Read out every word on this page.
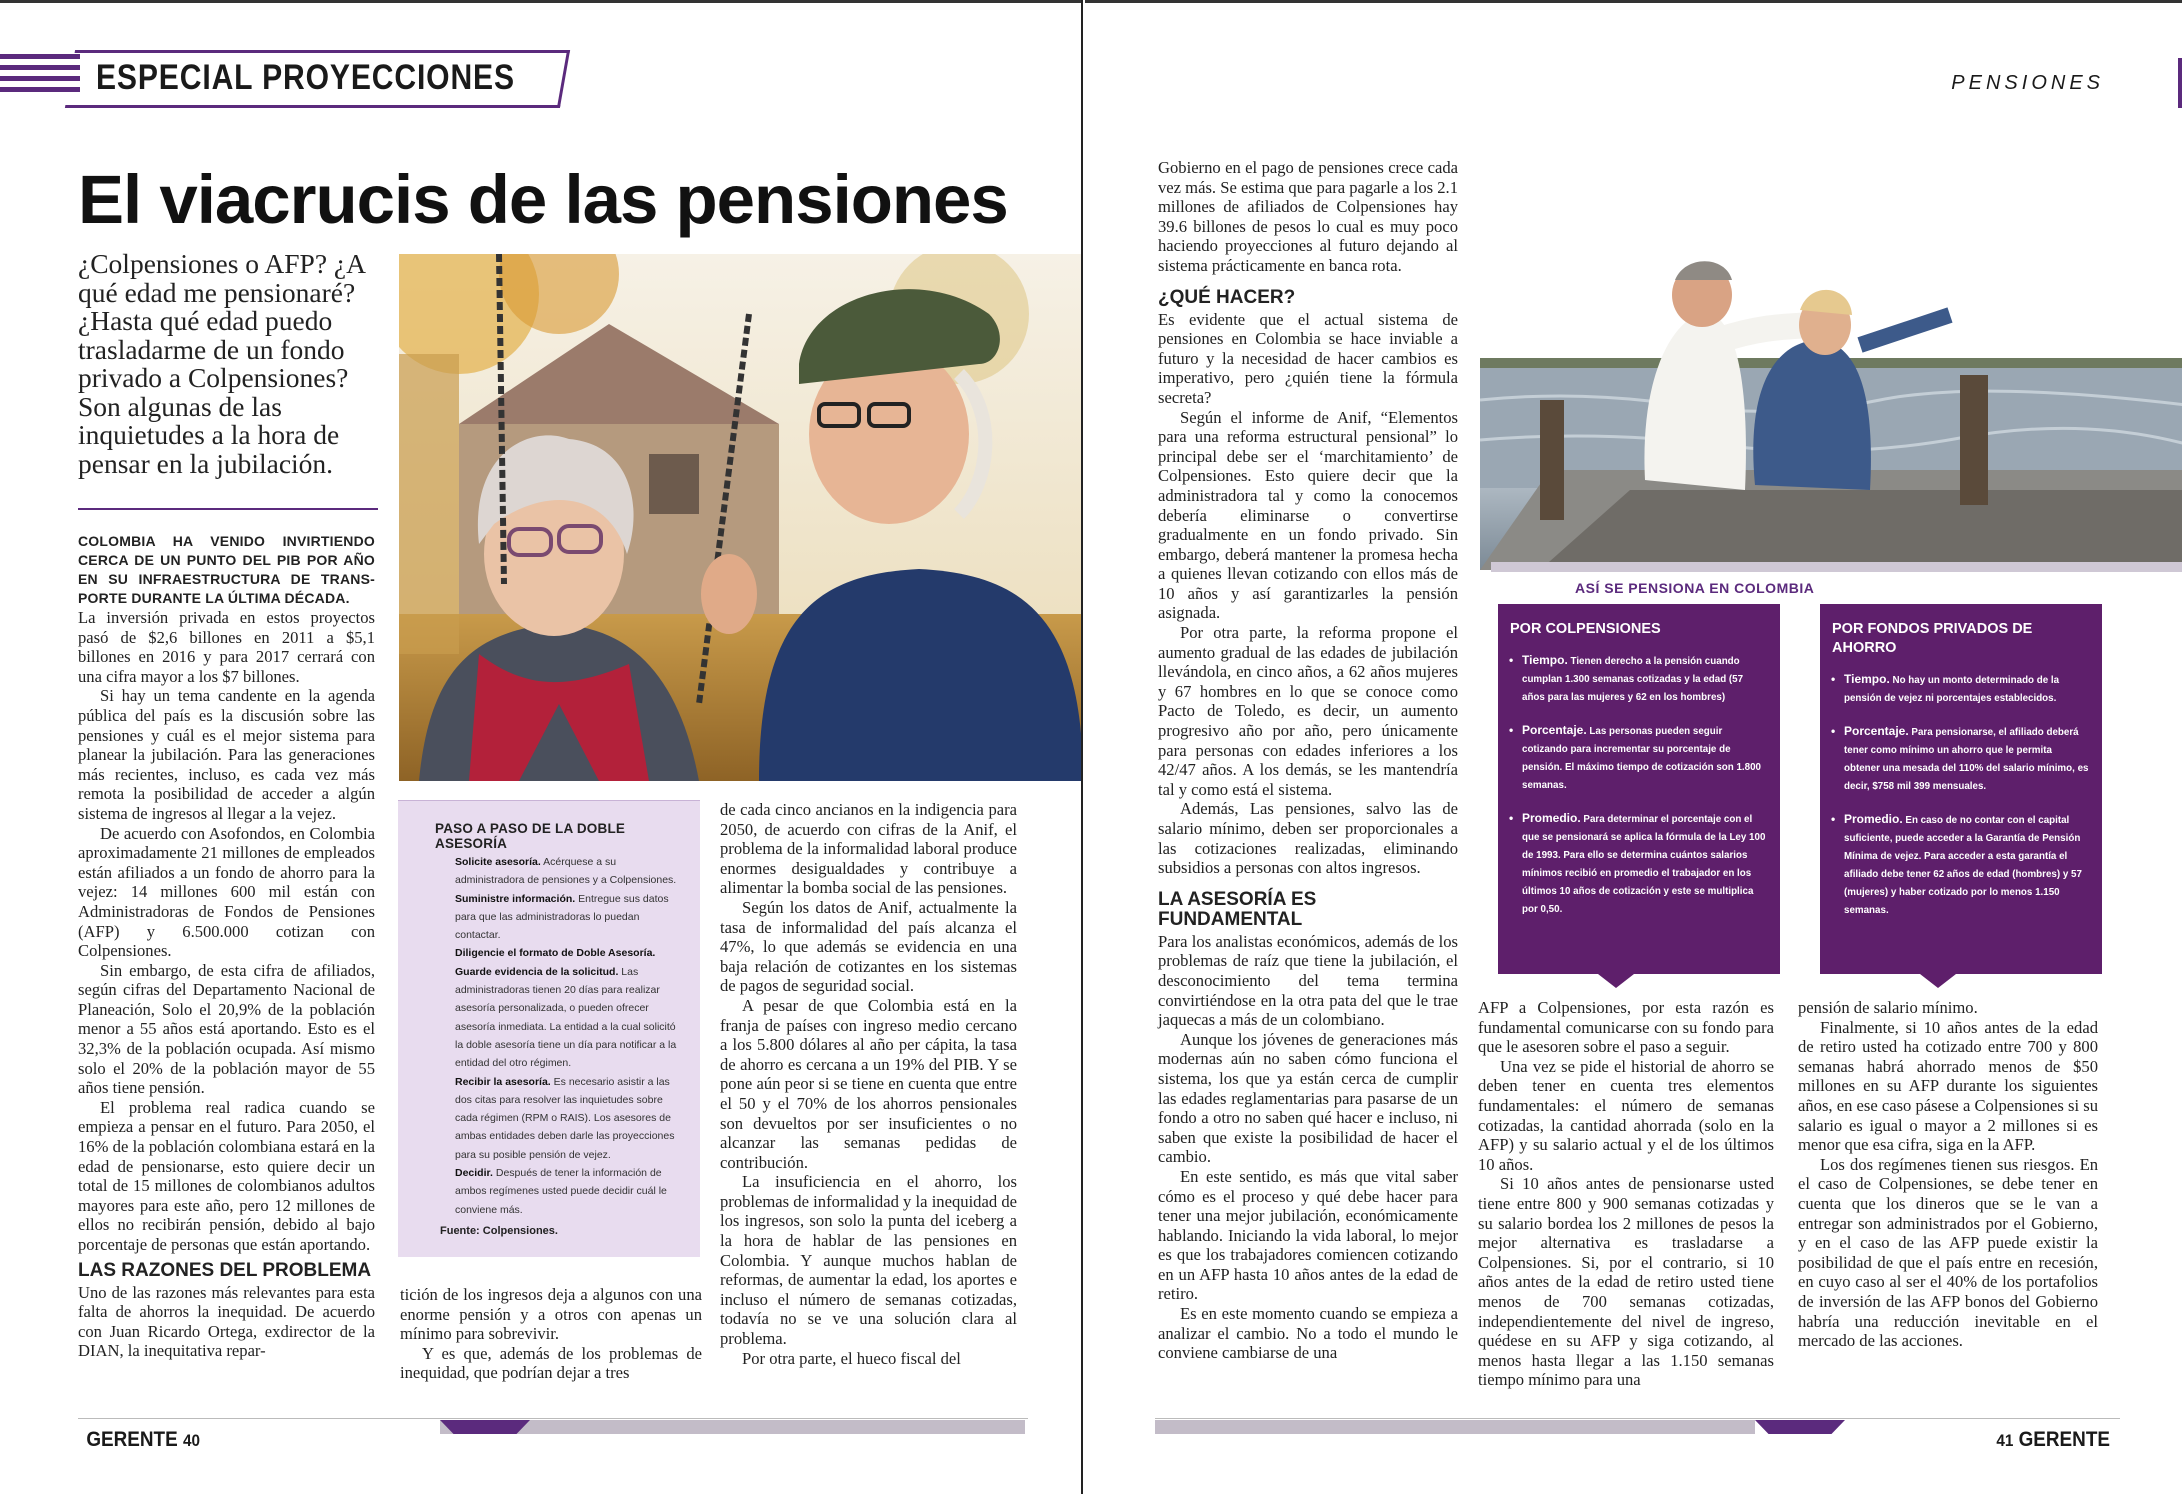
ESPECIAL PROYECCIONES
El viacrucis de las pensiones
¿Colpensiones o AFP? ¿A qué edad me pensionaré? ¿Hasta qué edad puedo trasladarme de un fondo privado a Colpensiones? Son algunas de las inquietudes a la hora de pensar en la jubilación.

COLOMBIA HA VENIDO INVIRTIENDO CERCA DE UN PUNTO DEL PIB POR AÑO EN SU INFRAESTRUCTURA DE TRANS-PORTE DURANTE LA ÚLTIMA DÉCADA.

La inversión privada en estos proyectos pasó de $2,6 billones en 2011 a $5,1 billones en 2016 y para 2017 cerrará con una cifra mayor a los $7 billones.

Si hay un tema candente en la agenda pública del país es la discusión sobre las pensiones y cuál es el mejor sistema para planear la jubilación. Para las generaciones más recientes, incluso, es cada vez más remota la posibilidad de acceder a algún sistema de ingresos al llegar a la vejez.

De acuerdo con Asofondos, en Colombia aproximadamente 21 millones de empleados están afiliados a un fondo de ahorro para la vejez: 14 millones 600 mil están con Administradoras de Fondos de Pensiones (AFP) y 6.500.000 cotizan con Colpensiones.

Sin embargo, de esta cifra de afiliados, según cifras del Departamento Nacional de Planeación, Solo el 20,9% de la población menor a 55 años está aportando. Esto es el 32,3% de la población ocupada. Así mismo solo el 20% de la población mayor de 55 años tiene pensión.

El problema real radica cuando se empieza a pensar en el futuro. Para 2050, el 16% de la población colombiana estará en la edad de pensionarse, esto quiere decir un total de 15 millones de colombianos adultos mayores para este año, pero 12 millones de ellos no recibirán pensión, debido al bajo porcentaje de personas que están aportando.

LAS RAZONES DEL PROBLEMA

Uno de las razones más relevantes para esta falta de ahorros la inequidad. De acuerdo con Juan Ricardo Ortega, exdirector de la DIAN, la inequitativa repar-

PASO A PASO DE LA DOBLE ASESORÍA
Solicite asesoría. Acérquese a su administradora de pensiones y a Colpensiones.
Suministre información. Entregue sus datos para que las administradoras lo puedan contactar.
Diligencie el formato de Doble Asesoría. Guarde evidencia de la solicitud. Las administradoras tienen 20 días para realizar asesoría personalizada, o pueden ofrecer asesoría inmediata. La entidad a la cual solicitó la doble asesoría tiene un día para notificar a la entidad del otro régimen.
Recibir la asesoría. Es necesario asistir a las dos citas para resolver las inquietudes sobre cada régimen (RPM o RAIS). Los asesores de ambas entidades deben darle las proyecciones para su posible pensión de vejez.
Decidir. Después de tener la información de ambos regímenes usted puede decidir cuál le conviene más.
Fuente: Colpensiones.

tición de los ingresos deja a algunos con una enorme pensión y a otros con apenas un mínimo para sobrevivir.

Y es que, además de los problemas de inequidad, que podrían dejar a tres

de cada cinco ancianos en la indigencia para 2050, de acuerdo con cifras de la Anif, el problema de la informalidad laboral produce enormes desigualdades y contribuye a alimentar la bomba social de las pensiones.

Según los datos de Anif, actualmente la tasa de informalidad del país alcanza el 47%, lo que además se evidencia en una baja relación de cotizantes en los sistemas de pagos de seguridad social.

A pesar de que Colombia está en la franja de países con ingreso medio cercano a los 5.800 dólares al año per cápita, la tasa de ahorro es cercana a un 19% del PIB. Y se pone aún peor si se tiene en cuenta que entre el 50 y el 70% de los ahorros pensionales son devueltos por ser insuficientes o no alcanzar las semanas pedidas de contribución.

La insuficiencia en el ahorro, los problemas de informalidad y la inequidad de los ingresos, son solo la punta del iceberg a la hora de hablar de las pensiones en Colombia. Y aunque muchos hablan de reformas, de aumentar la edad, los aportes e incluso el número de semanas cotizadas, todavía no se ve una solución clara al problema.

Por otra parte, el hueco fiscal del

GERENTE 40
PENSIONES

Gobierno en el pago de pensiones crece cada vez más. Se estima que para pagarle a los 2.1 millones de afiliados de Colpensiones hay 39.6 billones de pesos lo cual es muy poco haciendo proyecciones al futuro dejando al sistema prácticamente en banca rota.

¿QUÉ HACER?

Es evidente que el actual sistema de pensiones en Colombia se hace inviable a futuro y la necesidad de hacer cambios es imperativo, pero ¿quién tiene la fórmula secreta?

Según el informe de Anif, “Elementos para una reforma estructural pensional” lo principal debe ser el ‘marchitamiento’ de Colpensiones. Esto quiere decir que la administradora tal y como la conocemos debería eliminarse o convertirse gradualmente en un fondo privado. Sin embargo, deberá mantener la promesa hecha a quienes llevan cotizando con ellos más de 10 años y así garantizarles la pensión asignada.

Por otra parte, la reforma propone el aumento gradual de las edades de jubilación llevándola, en cinco años, a 62 años mujeres y 67 hombres en lo que se conoce como Pacto de Toledo, es decir, un aumento progresivo año por año, pero únicamente para personas con edades inferiores a los 42/47 años. A los demás, se les mantendría tal y como está el sistema.

Además, Las pensiones, salvo las de salario mínimo, deben ser proporcionales a las cotizaciones realizadas, eliminando subsidios a personas con altos ingresos.

LA ASESORÍA ES FUNDAMENTAL

Para los analistas económicos, además de los problemas de raíz que tiene la jubilación, el desconocimiento del tema termina convirtiéndose en la otra pata del que le trae jaquecas a más de un colombiano.

Aunque los jóvenes de generaciones más modernas aún no saben cómo funciona el sistema, los que ya están cerca de cumplir las edades reglamentarias para pasarse de un fondo a otro no saben qué hacer e incluso, ni saben que existe la posibilidad de hacer el cambio.

En este sentido, es más que vital saber cómo es el proceso y qué debe hacer para tener una mejor jubilación, económicamente hablando. Iniciando la vida laboral, lo mejor es que los trabajadores comiencen cotizando en un AFP hasta 10 años antes de la edad de retiro.

Es en este momento cuando se empieza a analizar el cambio. No a todo el mundo le conviene cambiarse de una

ASÍ SE PENSIONA EN COLOMBIA
POR COLPENSIONES
• Tiempo. Tienen derecho a la pensión cuando cumplan 1.300 semanas cotizadas y la edad (57 años para las mujeres y 62 en los hombres)
• Porcentaje. Las personas pueden seguir cotizando para incrementar su porcentaje de pensión. El máximo tiempo de cotización son 1.800 semanas.
• Promedio. Para determinar el porcentaje con el que se pensionará se aplica la fórmula de la Ley 100 de 1993. Para ello se determina cuántos salarios mínimos recibió en promedio el trabajador en los últimos 10 años de cotización y este se multiplica por 0,50.
POR FONDOS PRIVADOS DE AHORRO
• Tiempo. No hay un monto determinado de la pensión de vejez ni porcentajes establecidos.
• Porcentaje. Para pensionarse, el afiliado deberá tener como mínimo un ahorro que le permita obtener una mesada del 110% del salario mínimo, es decir, $758 mil 399 mensuales.
• Promedio. En caso de no contar con el capital suficiente, puede acceder a la Garantía de Pensión Mínima de vejez. Para acceder a esta garantía el afiliado debe tener 62 años de edad (hombres) y 57 (mujeres) y haber cotizado por lo menos 1.150 semanas.

AFP a Colpensiones, por esta razón es fundamental comunicarse con su fondo para que le asesoren sobre el paso a seguir.

Una vez se pide el historial de ahorro se deben tener en cuenta tres elementos fundamentales: el número de semanas cotizadas, la cantidad ahorrada (solo en la AFP) y su salario actual y el de los últimos 10 años.

Si 10 años antes de pensionarse usted tiene entre 800 y 900 semanas cotizadas y su salario bordea los 2 millones de pesos la mejor alternativa es trasladarse a Colpensiones. Si, por el contrario, si 10 años antes de la edad de retiro usted tiene menos de 700 semanas cotizadas, independientemente del nivel de ingreso, quédese en su AFP y siga cotizando, al menos hasta llegar a las 1.150 semanas tiempo mínimo para una

pensión de salario mínimo.

Finalmente, si 10 años antes de la edad de retiro usted ha cotizado entre 700 y 800 semanas habrá ahorrado menos de $50 millones en su AFP durante los siguientes años, en ese caso pásese a Colpensiones si su salario es igual o mayor a 2 millones si es menor que esa cifra, siga en la AFP.

Los dos regímenes tienen sus riesgos. En el caso de Colpensiones, se debe tener en cuenta que los dineros que se le van a entregar son administrados por el Gobierno, y en el caso de las AFP puede existir la posibilidad de que el país entre en recesión, en cuyo caso al ser el 40% de los portafolios de inversión de las AFP bonos del Gobierno habría una reducción inevitable en el mercado de las acciones.

41 GERENTE
